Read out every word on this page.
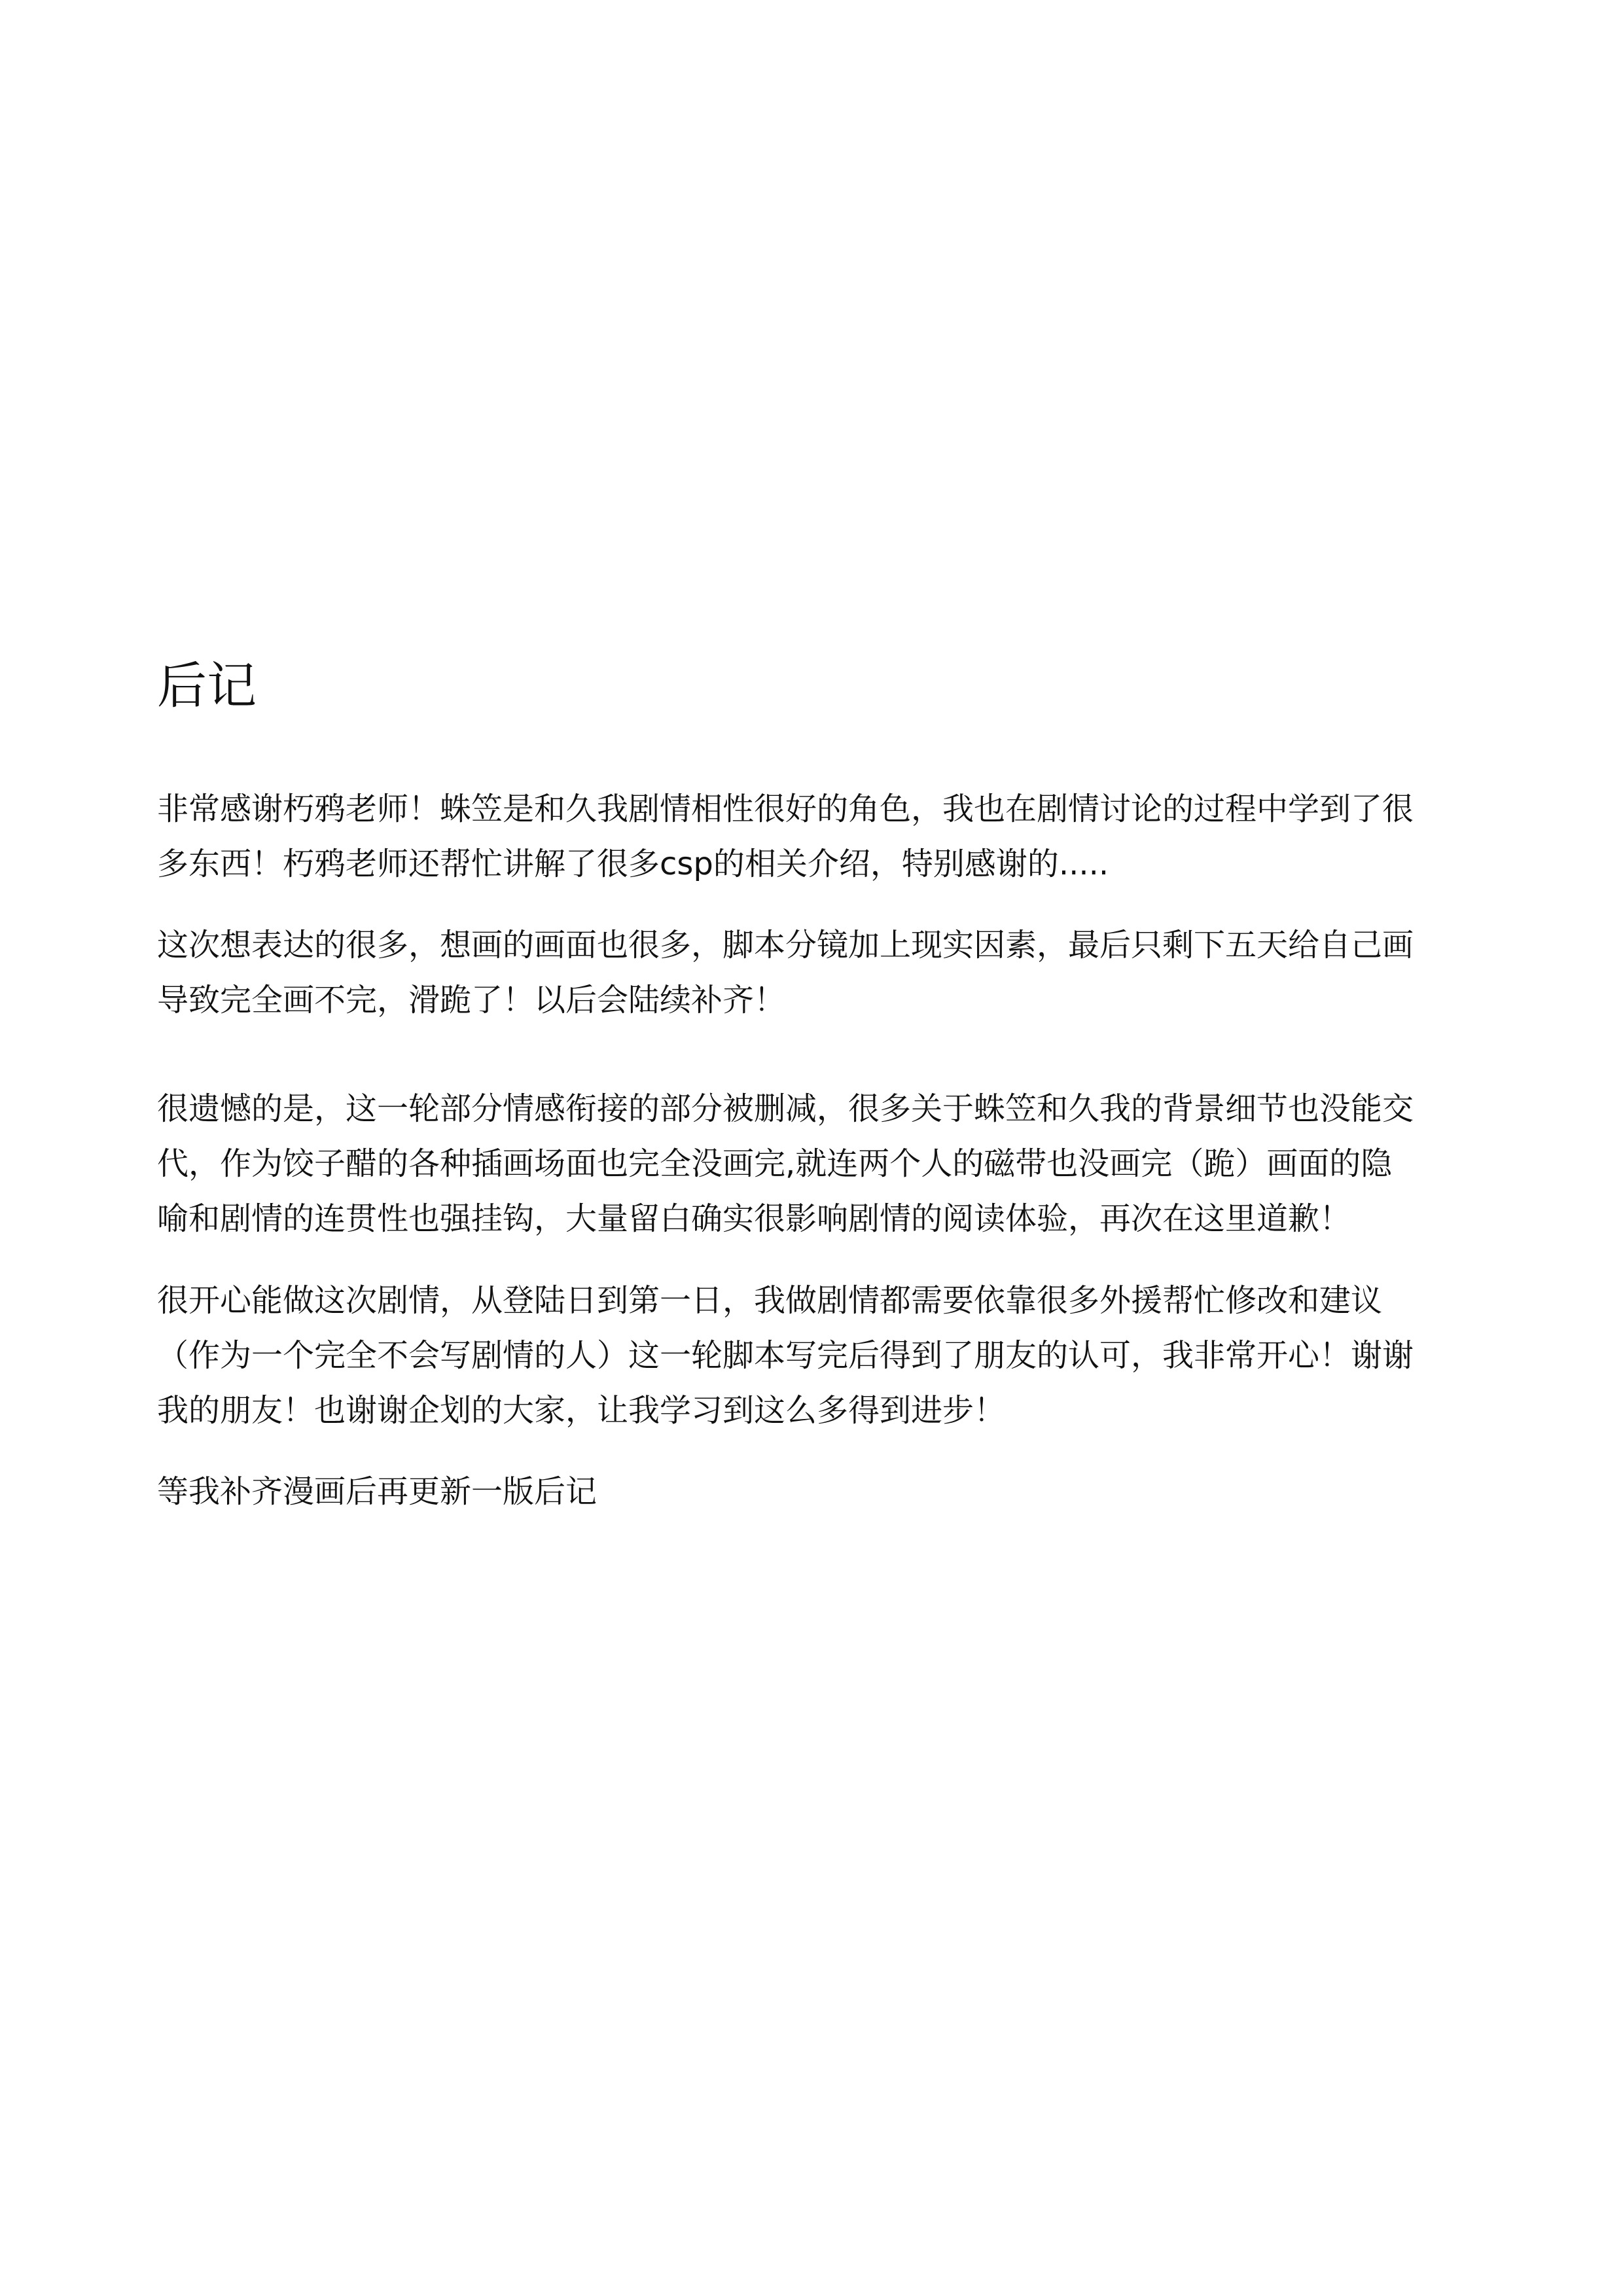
后记

非常感谢朽鸦老师！蛛笠是和久我剧情相性很好的角色，我也在剧情讨论的过程中学到了很

多东西！朽鸦老师还帮忙讲解了很多csp的相关介绍，特别感谢的.....

这次想表达的很多，想画的画面也很多，脚本分镜加上现实因素，最后只剩下五天给自己画

导致完全画不完，滑跪了！以后会陆续补齐！

很遗憾的是，这一轮部分情感衔接的部分被删减，很多关于蛛笠和久我的背景细节也没能交

代，作为饺子醋的各种插画场面也完全没画完,就连两个人的磁带也没画完（跪）画面的隐

喻和剧情的连贯性也强挂钩，大量留白确实很影响剧情的阅读体验，再次在这里道歉！

很开心能做这次剧情，从登陆日到第一日，我做剧情都需要依靠很多外援帮忙修改和建议

（作为一个完全不会写剧情的人）这一轮脚本写完后得到了朋友的认可，我非常开心！谢谢

我的朋友！也谢谢企划的大家，让我学习到这么多得到进步！

等我补齐漫画后再更新一版后记
